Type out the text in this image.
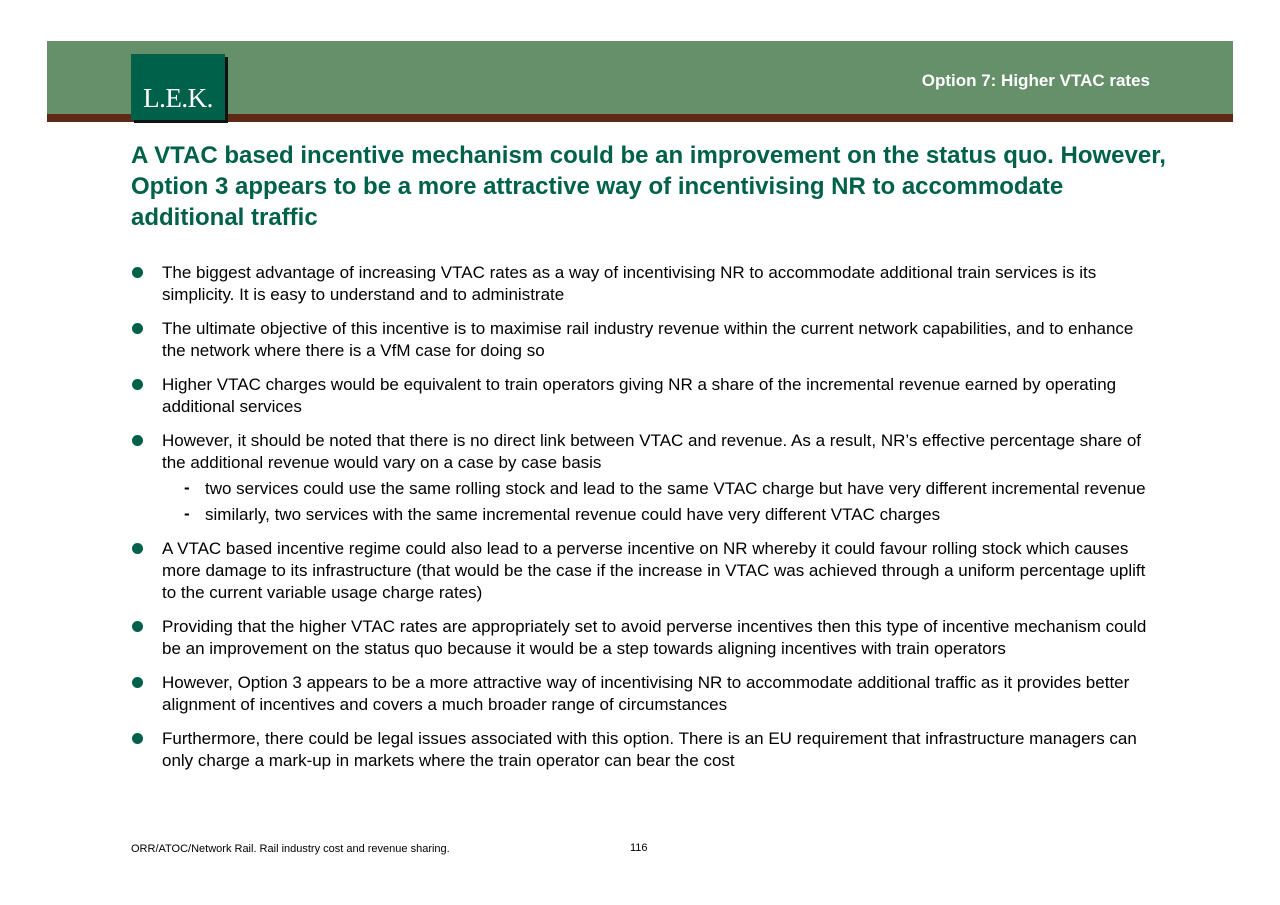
L.E.K.
Option 7: Higher VTAC rates
A VTAC based incentive mechanism could be an improvement on the status quo. However, Option 3 appears to be a more attractive way of incentivising NR to accommodate additional traffic
The biggest advantage of increasing VTAC rates as a way of incentivising NR to accommodate additional train services is its simplicity. It is easy to understand and to administrate
The ultimate objective of this incentive is to maximise rail industry revenue within the current network capabilities, and to enhance the network where there is a VfM case for doing so
Higher VTAC charges would be equivalent to train operators giving NR a share of the incremental revenue earned by operating additional services
However, it should be noted that there is no direct link between VTAC and revenue. As a result, NR’s effective percentage share of the additional revenue would vary on a case by case basis
- two services could use the same rolling stock and lead to the same VTAC charge but have very different incremental revenue
- similarly, two services with the same incremental revenue could have very different VTAC charges
A VTAC based incentive regime could also lead to a perverse incentive on NR whereby it could favour rolling stock which causes more damage to its infrastructure (that would be the case if the increase in VTAC was achieved through a uniform percentage uplift to the current variable usage charge rates)
Providing that the higher VTAC rates are appropriately set to avoid perverse incentives then this type of incentive mechanism could be an improvement on the status quo because it would be a step towards aligning incentives with train operators
However, Option 3 appears to be a more attractive way of incentivising NR to accommodate additional traffic as it provides better alignment of incentives and covers a much broader range of circumstances
Furthermore, there could be legal issues associated with this option. There is an EU requirement that infrastructure managers can only charge a mark-up in markets where the train operator can bear the cost
ORR/ATOC/Network Rail. Rail industry cost and revenue sharing.	116
